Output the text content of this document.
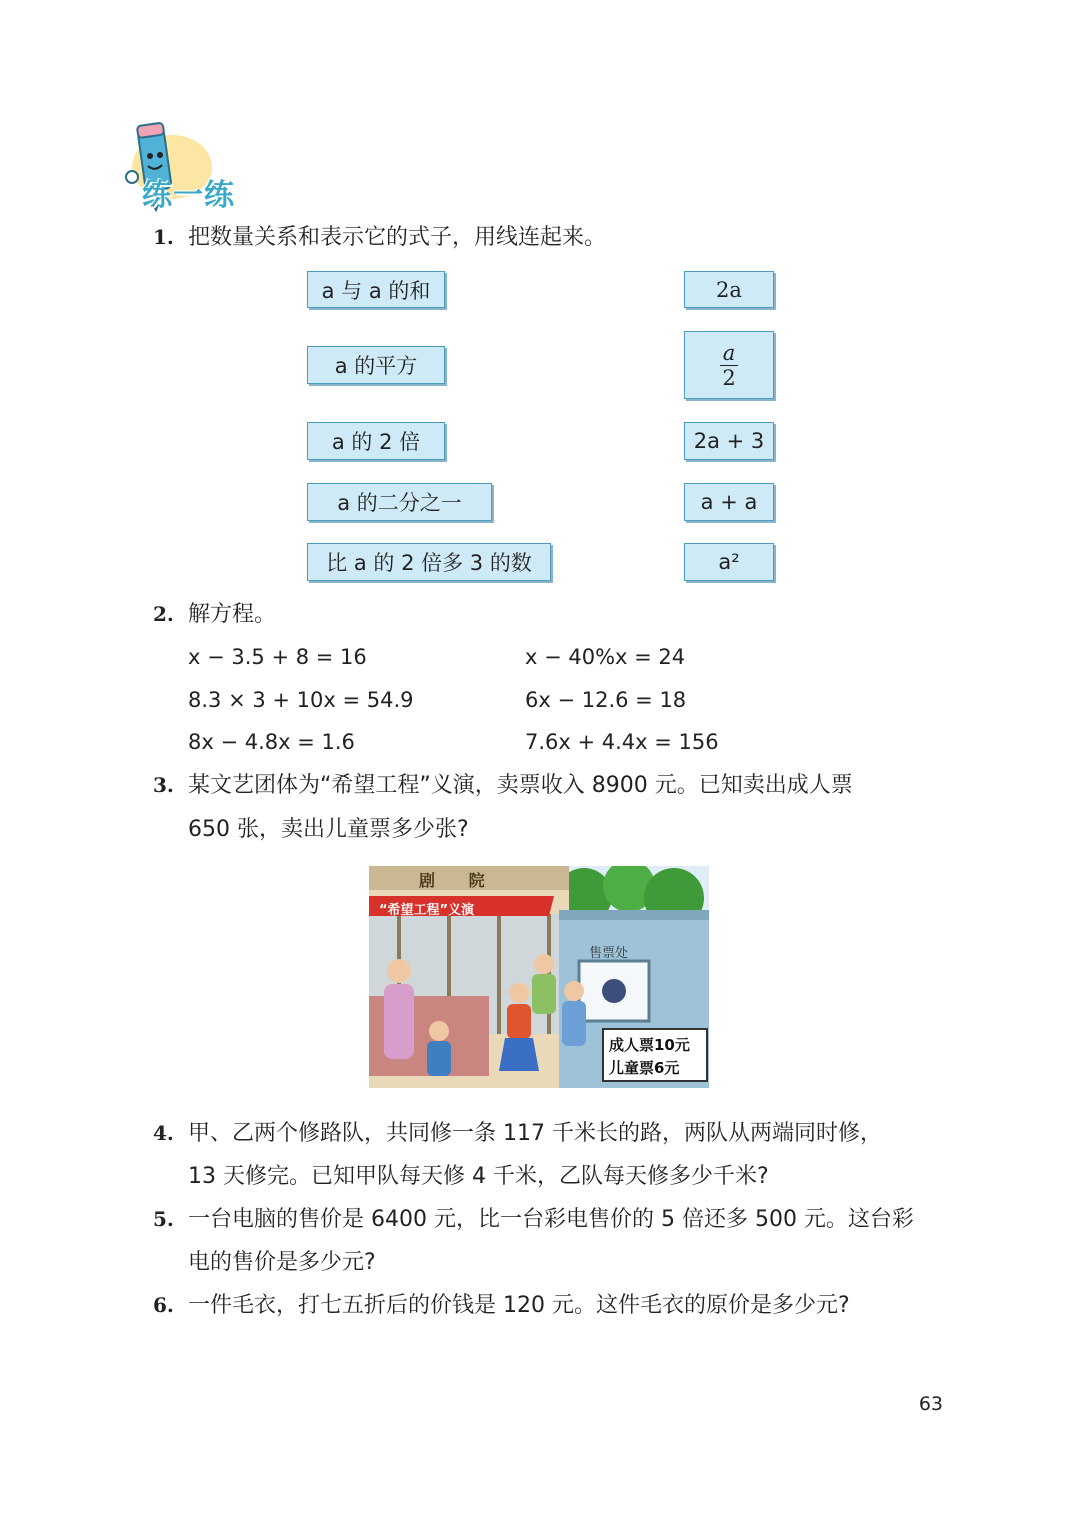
练一练
1. 把数量关系和表示它的式子，用线连起来。
a 与 a 的和
a 的平方
a 的 2 倍
a 的二分之一
比 a 的 2 倍多 3 的数
2a
$\frac{a}{2}$
2a + 3
a + a
a²
2. 解方程。
x − 3.5 + 8 = 16	x − 40%x = 24
8.3 × 3 + 10x = 54.9	6x − 12.6 = 18
8x − 4.8x = 1.6	7.6x + 4.4x = 156
3. 某文艺团体为“希望工程”义演，卖票收入 8900 元。已知卖出成人票
650 张，卖出儿童票多少张?
剧 院
“希望工程”义演
售票处
成人票10元
儿童票6元
4. 甲、乙两个修路队，共同修一条 117 千米长的路，两队从两端同时修，
13 天修完。已知甲队每天修 4 千米，乙队每天修多少千米?
5. 一台电脑的售价是 6400 元，比一台彩电售价的 5 倍还多 500 元。这台彩
电的售价是多少元?
6. 一件毛衣，打七五折后的价钱是 120 元。这件毛衣的原价是多少元?
63
